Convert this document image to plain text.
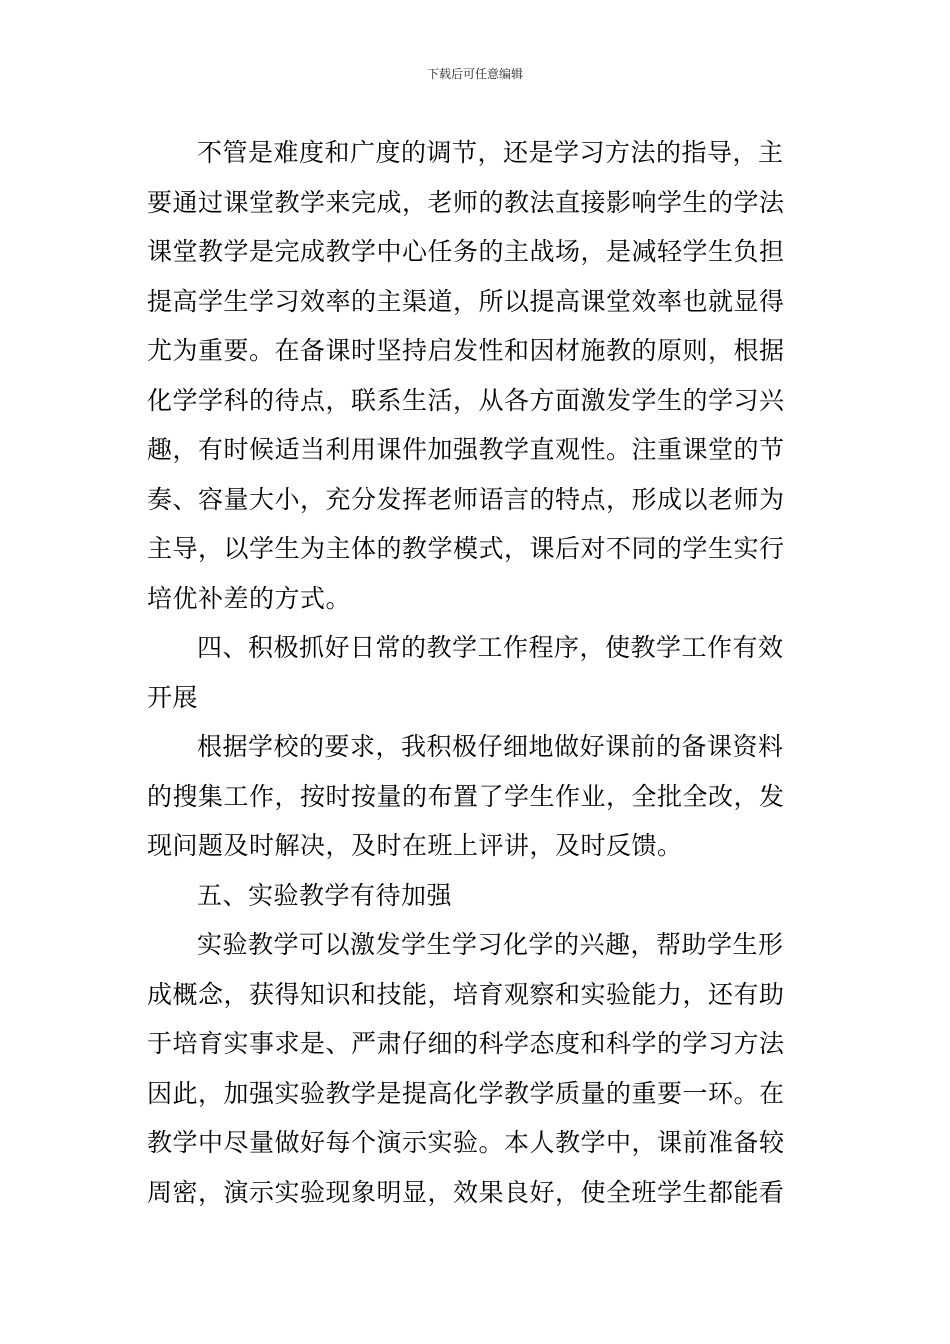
下载后可任意编辑
不管是难度和广度的调节，还是学习方法的指导，主
要通过课堂教学来完成，老师的教法直接影响学生的学法
课堂教学是完成教学中心任务的主战场，是减轻学生负担
提高学生学习效率的主渠道，所以提高课堂效率也就显得
尤为重要。在备课时坚持启发性和因材施教的原则，根据
化学学科的待点，联系生活，从各方面激发学生的学习兴
趣，有时候适当利用课件加强教学直观性。注重课堂的节
奏、容量大小，充分发挥老师语言的特点，形成以老师为
主导，以学生为主体的教学模式，课后对不同的学生实行
培优补差的方式。
四、积极抓好日常的教学工作程序，使教学工作有效
开展
根据学校的要求，我积极仔细地做好课前的备课资料
的搜集工作，按时按量的布置了学生作业，全批全改，发
现问题及时解决，及时在班上评讲，及时反馈。
五、实验教学有待加强
实验教学可以激发学生学习化学的兴趣，帮助学生形
成概念，获得知识和技能，培育观察和实验能力，还有助
于培育实事求是、严肃仔细的科学态度和科学的学习方法
因此，加强实验教学是提高化学教学质量的重要一环。在
教学中尽量做好每个演示实验。本人教学中，课前准备较
周密，演示实验现象明显，效果良好，使全班学生都能看
